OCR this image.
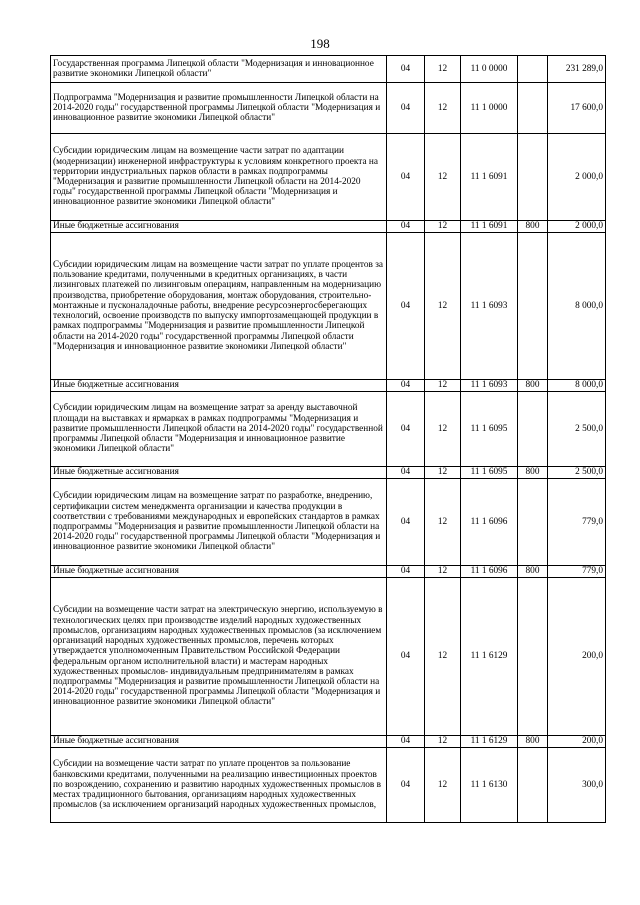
198
Государственная программа Липецкой области "Модернизация и инновационное развитие экономики Липецкой области"	04	12	11 0 0000		231 289,0
Подпрограмма "Модернизация и развитие промышленности Липецкой области на 2014-2020 годы" государственной программы Липецкой области "Модернизация и инновационное развитие экономики Липецкой области"	04	12	11 1 0000		17 600,0
Субсидии юридическим лицам на возмещение части затрат по адаптации (модернизации) инженерной инфраструктуры к условиям конкретного проекта на территории индустриальных парков области в рамках подпрограммы "Модернизация и развитие промышленности Липецкой области на 2014-2020 годы" государственной программы Липецкой области "Модернизация и инновационное развитие экономики Липецкой области"	04	12	11 1 6091		2 000,0
Иные бюджетные ассигнования	04	12	11 1 6091	800	2 000,0
Субсидии юридическим лицам на возмещение части затрат по уплате процентов за пользование кредитами, полученными в кредитных организациях, в части лизинговых платежей по лизинговым операциям, направленным на модернизацию производства, приобретение оборудования, монтаж оборудования, строительно-монтажные и пусконаладочные работы, внедрение ресурсоэнергосберегающих технологий, освоение производств по выпуску импортозамещающей продукции в рамках подпрограммы "Модернизация и развитие промышленности Липецкой области на 2014-2020 годы" государственной программы Липецкой области "Модернизация и инновационное развитие экономики Липецкой области"	04	12	11 1 6093		8 000,0
Иные бюджетные ассигнования	04	12	11 1 6093	800	8 000,0
Субсидии юридическим лицам на возмещение затрат за аренду выставочной площади на выставках и ярмарках в рамках подпрограммы "Модернизация и развитие промышленности Липецкой области на 2014-2020 годы" государственной программы Липецкой области "Модернизация и инновационное развитие экономики Липецкой области"	04	12	11 1 6095		2 500,0
Иные бюджетные ассигнования	04	12	11 1 6095	800	2 500,0
Субсидии юридическим лицам на возмещение затрат по разработке, внедрению, сертификации систем менеджмента организации и качества продукции в соответствии с требованиями международных и европейских стандартов в рамках подпрограммы "Модернизация и развитие промышленности Липецкой области на 2014-2020 годы" государственной программы Липецкой области "Модернизация и инновационное развитие экономики Липецкой области"	04	12	11 1 6096		779,0
Иные бюджетные ассигнования	04	12	11 1 6096	800	779,0
Субсидии на возмещение части затрат на электрическую энергию, используемую в технологических целях при производстве изделий народных художественных промыслов, организациям народных художественных промыслов (за исключением организаций народных художественных промыслов, перечень которых утверждается уполномоченным Правительством Российской Федерации федеральным органом исполнительной власти) и мастерам народных художественных промыслов- индивидуальным предпринимателям в рамках подпрограммы "Модернизация и развитие промышленности Липецкой области на 2014-2020 годы" государственной программы Липецкой области "Модернизация и инновационное развитие экономики Липецкой области"	04	12	11 1 6129		200,0
Иные бюджетные ассигнования	04	12	11 1 6129	800	200,0
Субсидии на возмещение части затрат по уплате процентов за пользование банковскими кредитами, полученными на реализацию инвестиционных проектов по возрождению, сохранению и развитию народных художественных промыслов в местах традиционного бытования, организациям народных художественных промыслов (за исключением организаций народных художественных промыслов,	04	12	11 1 6130		300,0
